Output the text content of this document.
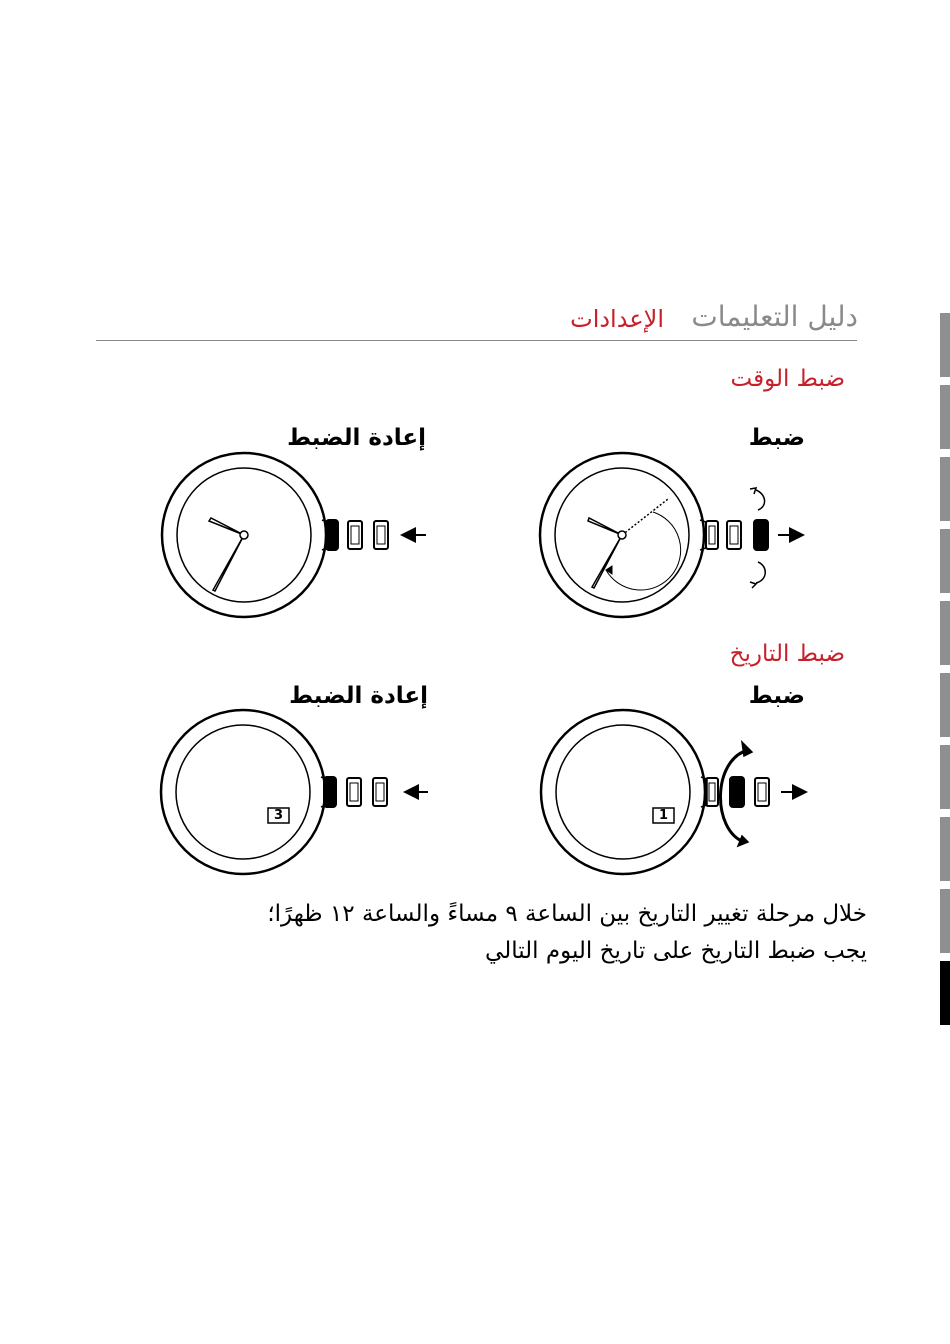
دليل التعليمات
الإعدادات
ضبط الوقت
إعادة الضبط	ضبط
ضبط التاريخ
إعادة الضبط	ضبط
3	1
خلال مرحلة تغيير التاريخ بين الساعة ٩ مساءً والساعة ١٢ ظهرًا؛
يجب ضبط التاريخ على تاريخ اليوم التالي
